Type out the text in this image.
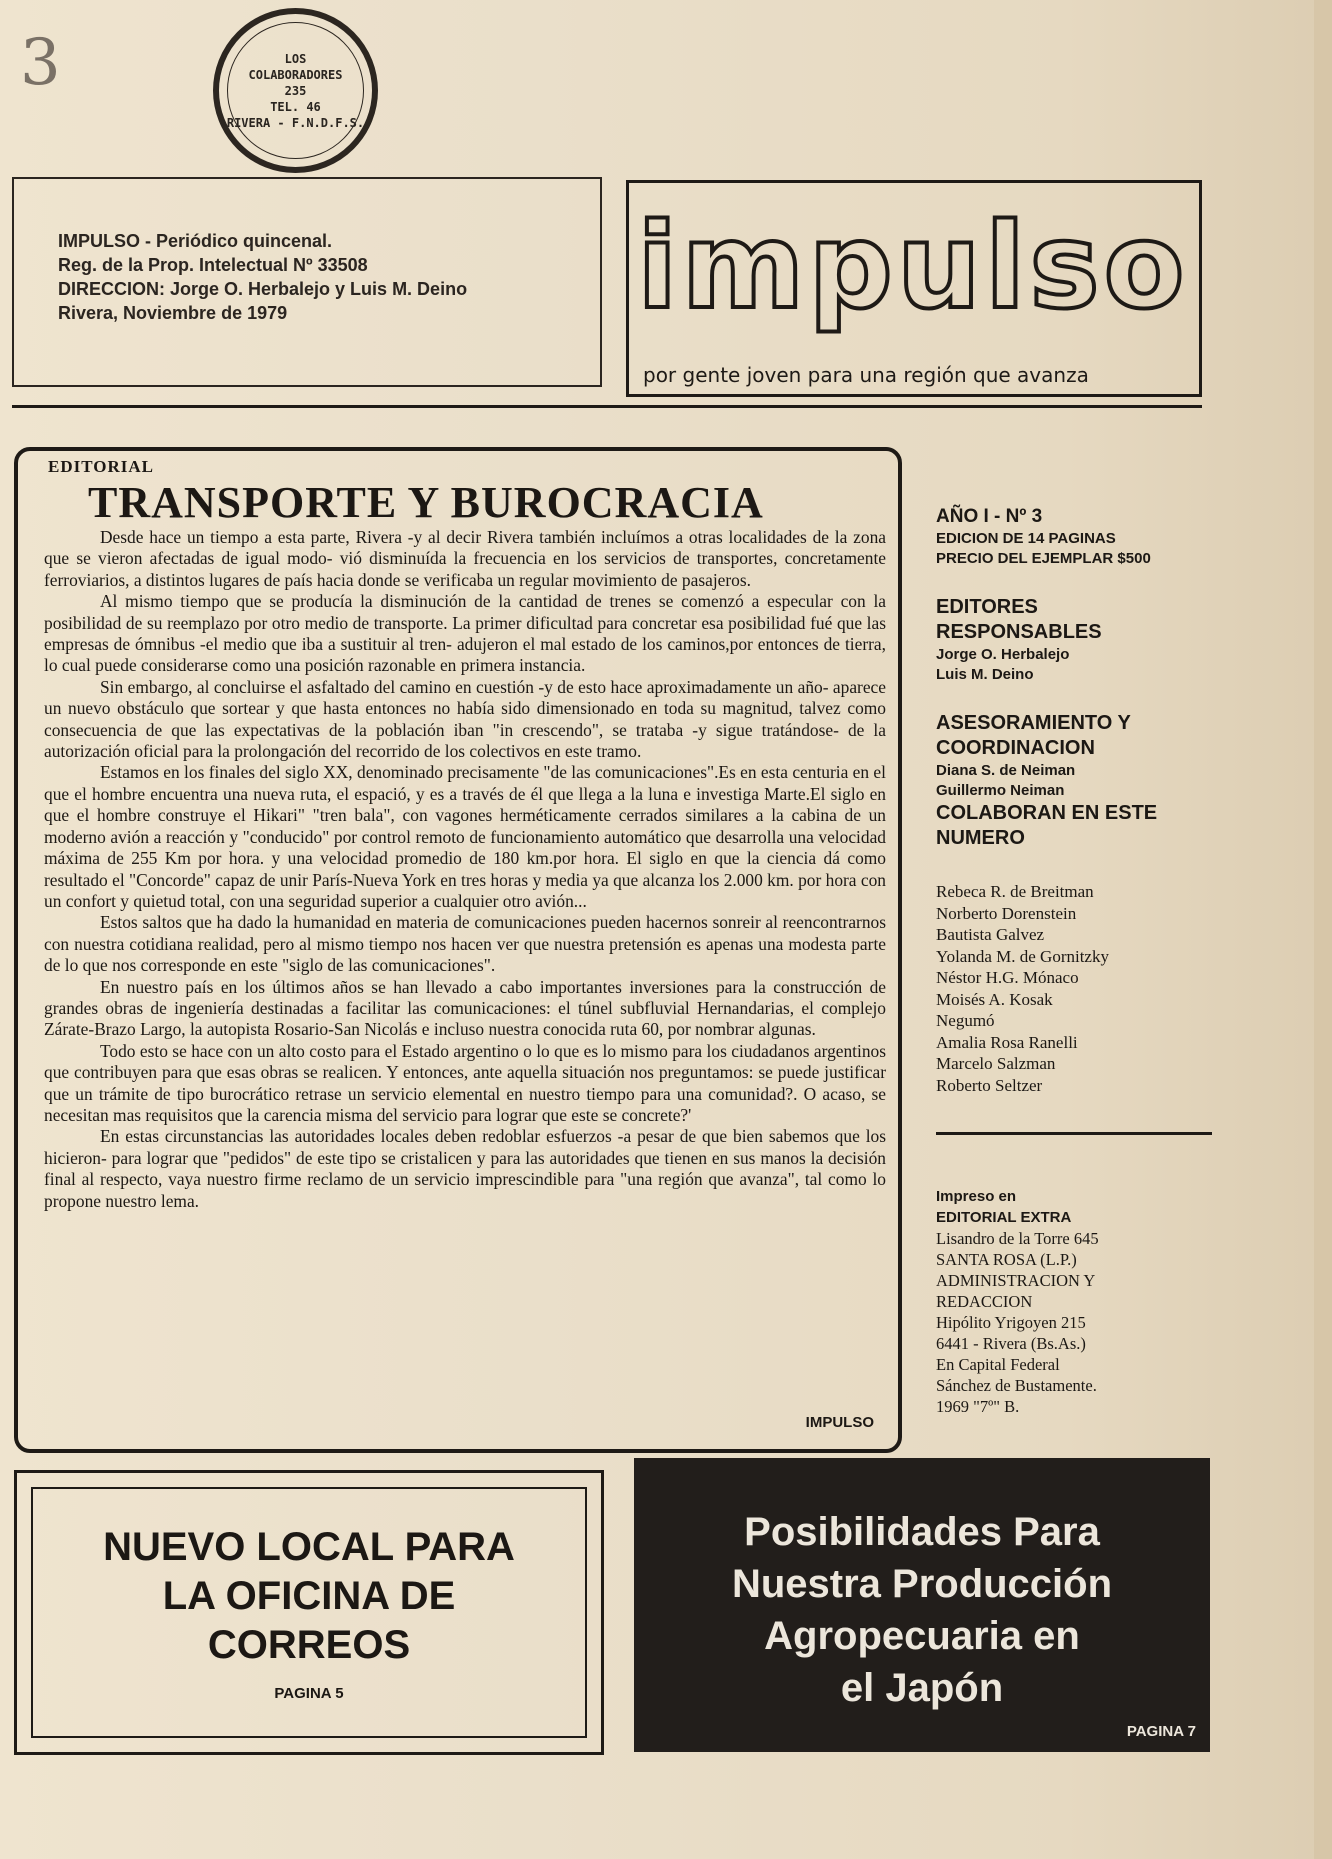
3	LOS
COLABORADORES
235
TEL. 46
RIVERA - F.N.D.F.S.
IMPULSO - Periódico quincenal.
Reg. de la Prop. Intelectual Nº 33508
DIRECCION: Jorge O. Herbalejo y Luis M. Deino
Rivera, Noviembre de 1979	impulso
por gente joven para una región que avanza
EDITORIAL
TRANSPORTE Y BUROCRACIA

Desde hace un tiempo a esta parte, Rivera -y al decir Rivera también incluímos a otras localidades de la zona que se vieron afectadas de igual modo- vió disminuída la frecuencia en los servicios de transportes, concretamente ferroviarios, a distintos lugares de país hacia donde se verificaba un regular movimiento de pasajeros.

Al mismo tiempo que se producía la disminución de la cantidad de trenes se comenzó a especular con la posibilidad de su reemplazo por otro medio de transporte. La primer dificultad para concretar esa posibilidad fué que las empresas de ómnibus -el medio que iba a sustituir al tren- adujeron el mal estado de los caminos,por entonces de tierra, lo cual puede considerarse como una posición razonable en primera instancia.

Sin embargo, al concluirse el asfaltado del camino en cuestión -y de esto hace aproximadamente un año- aparece un nuevo obstáculo que sortear y que hasta entonces no había sido dimensionado en toda su magnitud, talvez como consecuencia de que las expectativas de la población iban "in crescendo", se trataba -y sigue tratándose- de la autorización oficial para la prolongación del recorrido de los colectivos en este tramo.

Estamos en los finales del siglo XX, denominado precisamente "de las comunicaciones".Es en esta centuria en el que el hombre encuentra una nueva ruta, el espació, y es a través de él que llega a la luna e investiga Marte.El siglo en que el hombre construye el Hikari" "tren bala", con vagones herméticamente cerrados similares a la cabina de un moderno avión a reacción y "conducido" por control remoto de funcionamiento automático que desarrolla una velocidad máxima de 255 Km por hora. y una velocidad promedio de 180 km.por hora. El siglo en que la ciencia dá como resultado el "Concorde" capaz de unir París-Nueva York en tres horas y media ya que alcanza los 2.000 km. por hora con un confort y quietud total, con una seguridad superior a cualquier otro avión...

Estos saltos que ha dado la humanidad en materia de comunicaciones pueden hacernos sonreir al reencontrarnos con nuestra cotidiana realidad, pero al mismo tiempo nos hacen ver que nuestra pretensión es apenas una modesta parte de lo que nos corresponde en este "siglo de las comunicaciones".

En nuestro país en los últimos años se han llevado a cabo importantes inversiones para la construcción de grandes obras de ingeniería destinadas a facilitar las comunicaciones: el túnel subfluvial Hernandarias, el complejo Zárate-Brazo Largo, la autopista Rosario-San Nicolás e incluso nuestra conocida ruta 60, por nombrar algunas.

Todo esto se hace con un alto costo para el Estado argentino o lo que es lo mismo para los ciudadanos argentinos que contribuyen para que esas obras se realicen. Y entonces, ante aquella situación nos preguntamos: se puede justificar que un trámite de tipo burocrático retrase un servicio elemental en nuestro tiempo para una comunidad?. O acaso, se necesitan mas requisitos que la carencia misma del servicio para lograr que este se concrete?'

En estas circunstancias las autoridades locales deben redoblar esfuerzos -a pesar de que bien sabemos que los hicieron- para lograr que "pedidos" de este tipo se cristalicen y para las autoridades que tienen en sus manos la decisión final al respecto, vaya nuestro firme reclamo de un servicio imprescindible para "una región que avanza", tal como lo propone nuestro lema.

IMPULSO
AÑO I - Nº 3
EDICION DE 14 PAGINAS
PRECIO DEL EJEMPLAR $500
EDITORES
RESPONSABLES
Jorge O. Herbalejo
Luis M. Deino
ASESORAMIENTO Y
COORDINACION
Diana S. de Neiman
Guillermo Neiman
COLABORAN EN ESTE
NUMERO
Rebeca R. de Breitman
Norberto Dorenstein
Bautista Galvez
Yolanda M. de Gornitzky
Néstor H.G. Mónaco
Moisés A. Kosak
Negumó
Amalia Rosa Ranelli
Marcelo Salzman
Roberto Seltzer
Impreso en
EDITORIAL EXTRA
Lisandro de la Torre 645
SANTA ROSA (L.P.)
ADMINISTRACION Y
REDACCION
Hipólito Yrigoyen 215
6441 - Rivera (Bs.As.)
En Capital Federal
Sánchez de Bustamente.
1969 "7º" B.
NUEVO LOCAL PARA
LA OFICINA DE
CORREOS
PAGINA 5
Posibilidades Para
Nuestra Producción
Agropecuaria en
el Japón
PAGINA 7
